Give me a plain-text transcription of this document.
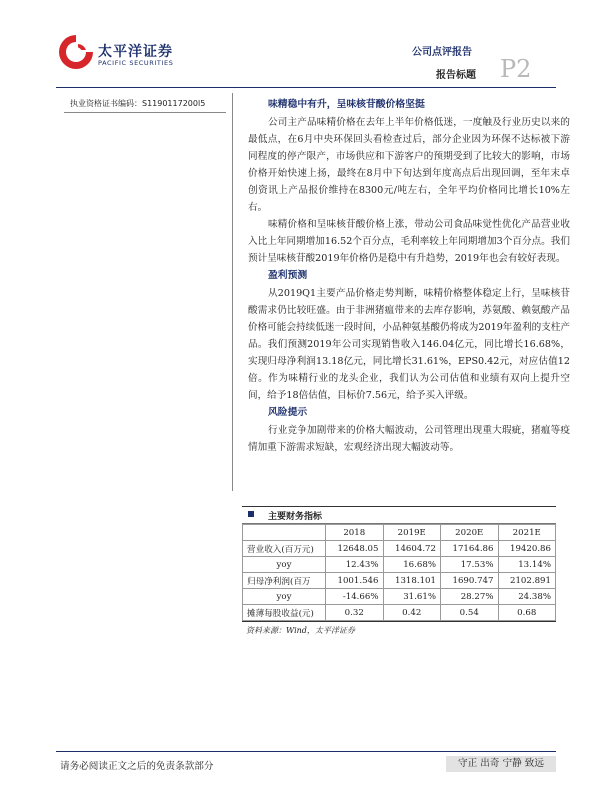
太平洋证券
PACIFIC SECURITIES
公司点评报告
报告标题 P2
执业资格证书编码：S1190117200l5	味精稳中有升，呈味核苷酸价格坚挺

公司主产品味精价格在去年上半年价格低迷，一度触及行业历史以来的最低点，在6月中央环保回头看检查过后，部分企业因为环保不达标被下游同程度的停产限产，市场供应和下游客户的预期受到了比较大的影响，市场价格开始快速上扬，最终在8月中下旬达到年度高点后出现回调，至年末卓创资讯上产品报价维持在8300元/吨左右，全年平均价格同比增长10%左右。

味精价格和呈味核苷酸价格上涨，带动公司食品味觉性优化产品营业收入比上年同期增加16.52个百分点，毛利率较上年同期增加3个百分点。我们预计呈味核苷酸2019年价格仍是稳中有升趋势，2019年也会有较好表现。

盈利预测

从2019Q1主要产品价格走势判断，味精价格整体稳定上行，呈味核苷酸需求仍比较旺盛。由于非洲猪瘟带来的去库存影响，苏氨酸、赖氨酸产品价格可能会持续低迷一段时间，小品种氨基酸仍将成为2019年盈利的支柱产品。我们预测2019年公司实现销售收入146.04亿元，同比增长16.68%，实现归母净利润13.18亿元，同比增长31.61%，EPS0.42元，对应估值12倍。作为味精行业的龙头企业，我们认为公司估值和业绩有双向上提升空间，给予18倍估值，目标价7.56元，给予买入评级。

风险提示

行业竞争加剧带来的价格大幅波动，公司管理出现重大瑕疵，猪瘟等疫情加重下游需求短缺，宏观经济出现大幅波动等。

主要财务指标
	2018	2019E	2020E	2021E
营业收入(百万元)	12648.05	14604.72	17164.86	19420.86
yoy	12.43%	16.68%	17.53%	13.14%
归母净利润(百万	1001.546	1318.101	1690.747	2102.891
yoy	-14.66%	31.61%	28.27%	24.38%
摊薄每股收益(元)	0.32	0.42	0.54	0.68
资料来源：Wind，太平洋证券
请务必阅读正文之后的免责条款部分	守正 出奇 宁静 致远
